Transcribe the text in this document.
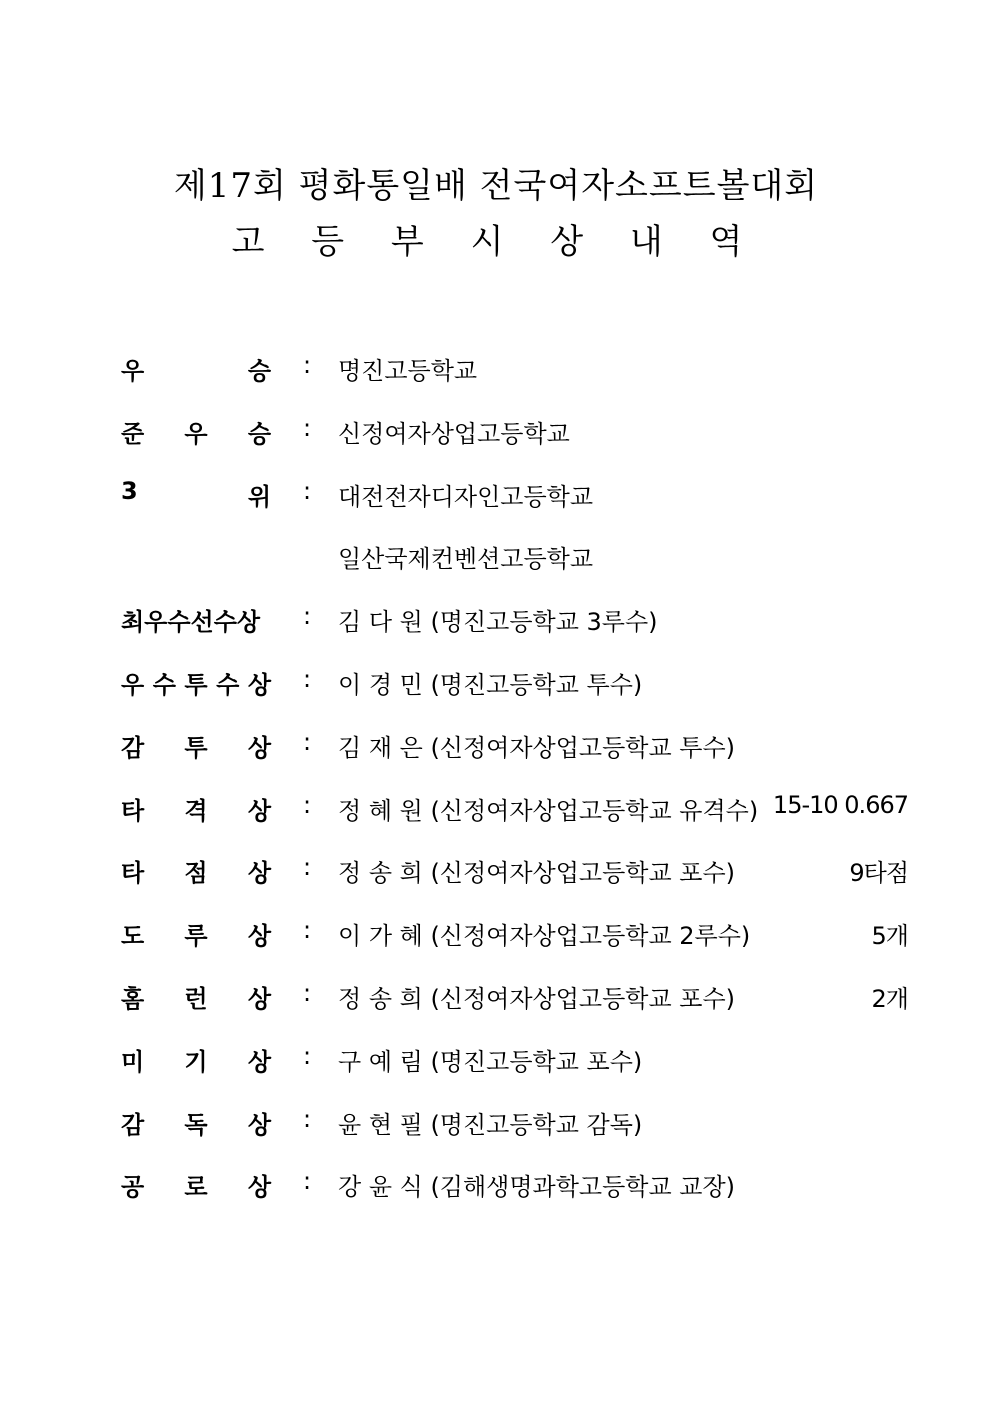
제17회 평화통일배 전국여자소프트볼대회
고 등 부 시 상 내 역
우	승 : 명진고등학교
준 우 승 : 신정여자상업고등학교
3	위 : 대전전자디자인고등학교
일산국제컨벤션고등학교
최우수선수상 : 김 다 원 (명진고등학교 3루수)
우 수 투 수 상 : 이 경 민 (명진고등학교 투수)
감 투 상 : 김 재 은 (신정여자상업고등학교 투수)
타 격 상 : 정 혜 원 (신정여자상업고등학교 유격수) 15-10 0.667
타 점 상 : 정 송 희 (신정여자상업고등학교 포수)	9타점
도 루 상 : 이 가 혜 (신정여자상업고등학교 2루수)	5개
홈 런 상 : 정 송 희 (신정여자상업고등학교 포수)	2개
미 기 상 : 구 예 림 (명진고등학교 포수)
감 독 상 : 윤 현 필 (명진고등학교 감독)
공 로 상 : 강 윤 식 (김해생명과학고등학교 교장)
